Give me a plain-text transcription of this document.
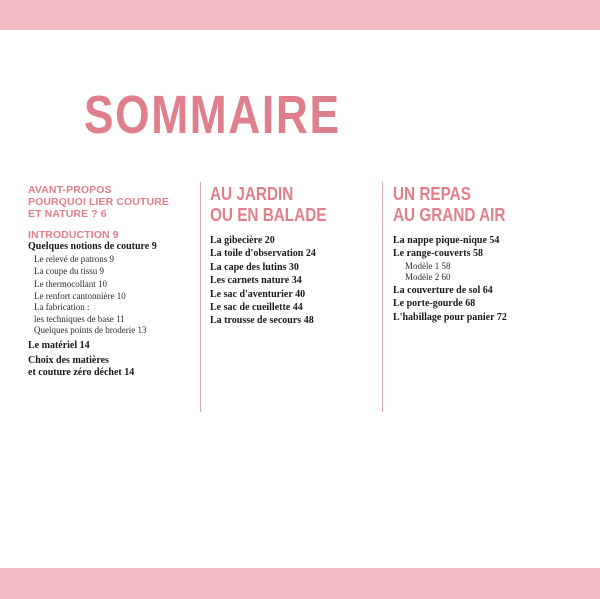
SOMMAIRE
AVANT-PROPOS
POURQUOI LIER COUTURE
ET NATURE ? 6
INTRODUCTION 9
Quelques notions de couture 9
Le relevé de patrons 9
La coupe du tissu 9
Le thermocollant 10
Le renfort cantonnière 10
La fabrication :
les techniques de base 11
Quelques points de broderie 13
Le matériel 14
Choix des matières
et couture zéro déchet 14
AU JARDIN
OU EN BALADE
La gibecière 20
La toile d'observation 24
La cape des lutins 30
Les carnets nature 34
Le sac d'aventurier 40
Le sac de cueillette 44
La trousse de secours 48
UN REPAS
AU GRAND AIR
La nappe pique-nique 54
Le range-couverts 58
Modèle 1 58
Modèle 2 60
La couverture de sol 64
Le porte-gourde 68
L'habillage pour panier 72
